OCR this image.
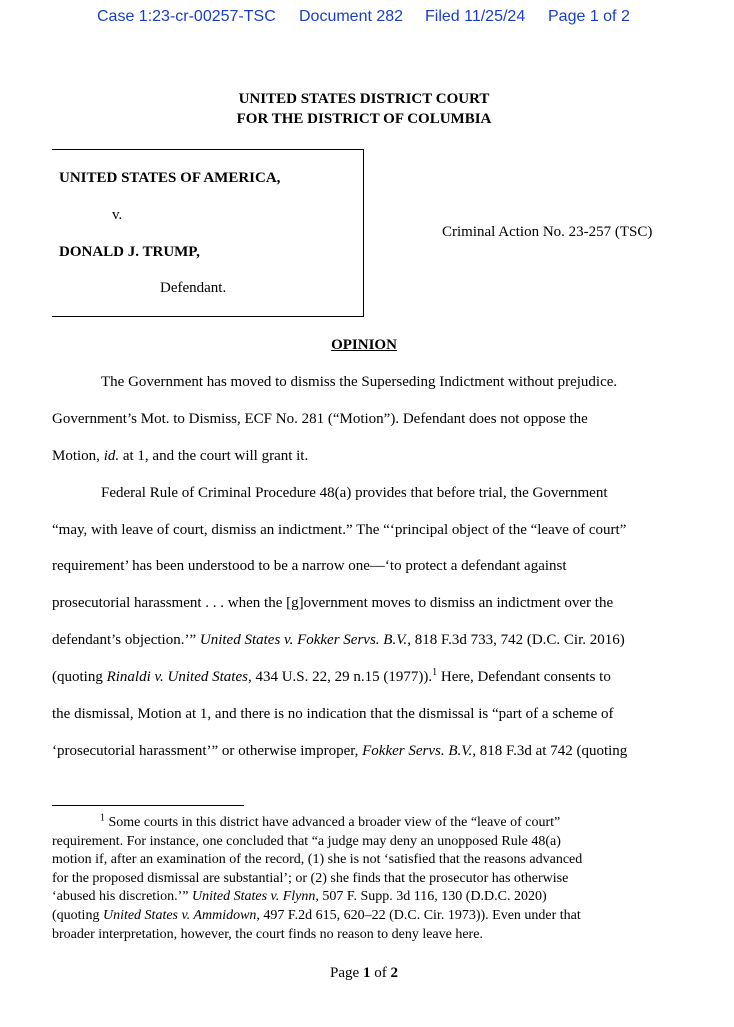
Case 1:23-cr-00257-TSC Document 282 Filed 11/25/24 Page 1 of 2
UNITED STATES DISTRICT COURT
FOR THE DISTRICT OF COLUMBIA
UNITED STATES OF AMERICA,
v.
DONALD J. TRUMP,
Defendant.
Criminal Action No. 23-257 (TSC)
OPINION
The Government has moved to dismiss the Superseding Indictment without prejudice.
Government’s Mot. to Dismiss, ECF No. 281 (“Motion”). Defendant does not oppose the
Motion, id. at 1, and the court will grant it.
Federal Rule of Criminal Procedure 48(a) provides that before trial, the Government
“may, with leave of court, dismiss an indictment.” The “‘principal object of the “leave of court”
requirement’ has been understood to be a narrow one—‘to protect a defendant against
prosecutorial harassment . . . when the [g]overnment moves to dismiss an indictment over the
defendant’s objection.’” United States v. Fokker Servs. B.V., 818 F.3d 733, 742 (D.C. Cir. 2016)
(quoting Rinaldi v. United States, 434 U.S. 22, 29 n.15 (1977)).$^1$ Here, Defendant consents to
the dismissal, Motion at 1, and there is no indication that the dismissal is “part of a scheme of
‘prosecutorial harassment’” or otherwise improper, Fokker Servs. B.V., 818 F.3d at 742 (quoting
$^1$ Some courts in this district have advanced a broader view of the “leave of court”
requirement. For instance, one concluded that “a judge may deny an unopposed Rule 48(a)
motion if, after an examination of the record, (1) she is not ‘satisfied that the reasons advanced
for the proposed dismissal are substantial’; or (2) she finds that the prosecutor has otherwise
‘abused his discretion.’” United States v. Flynn, 507 F. Supp. 3d 116, 130 (D.D.C. 2020)
(quoting United States v. Ammidown, 497 F.2d 615, 620–22 (D.C. Cir. 1973)). Even under that
broader interpretation, however, the court finds no reason to deny leave here.
Page 1 of 2
